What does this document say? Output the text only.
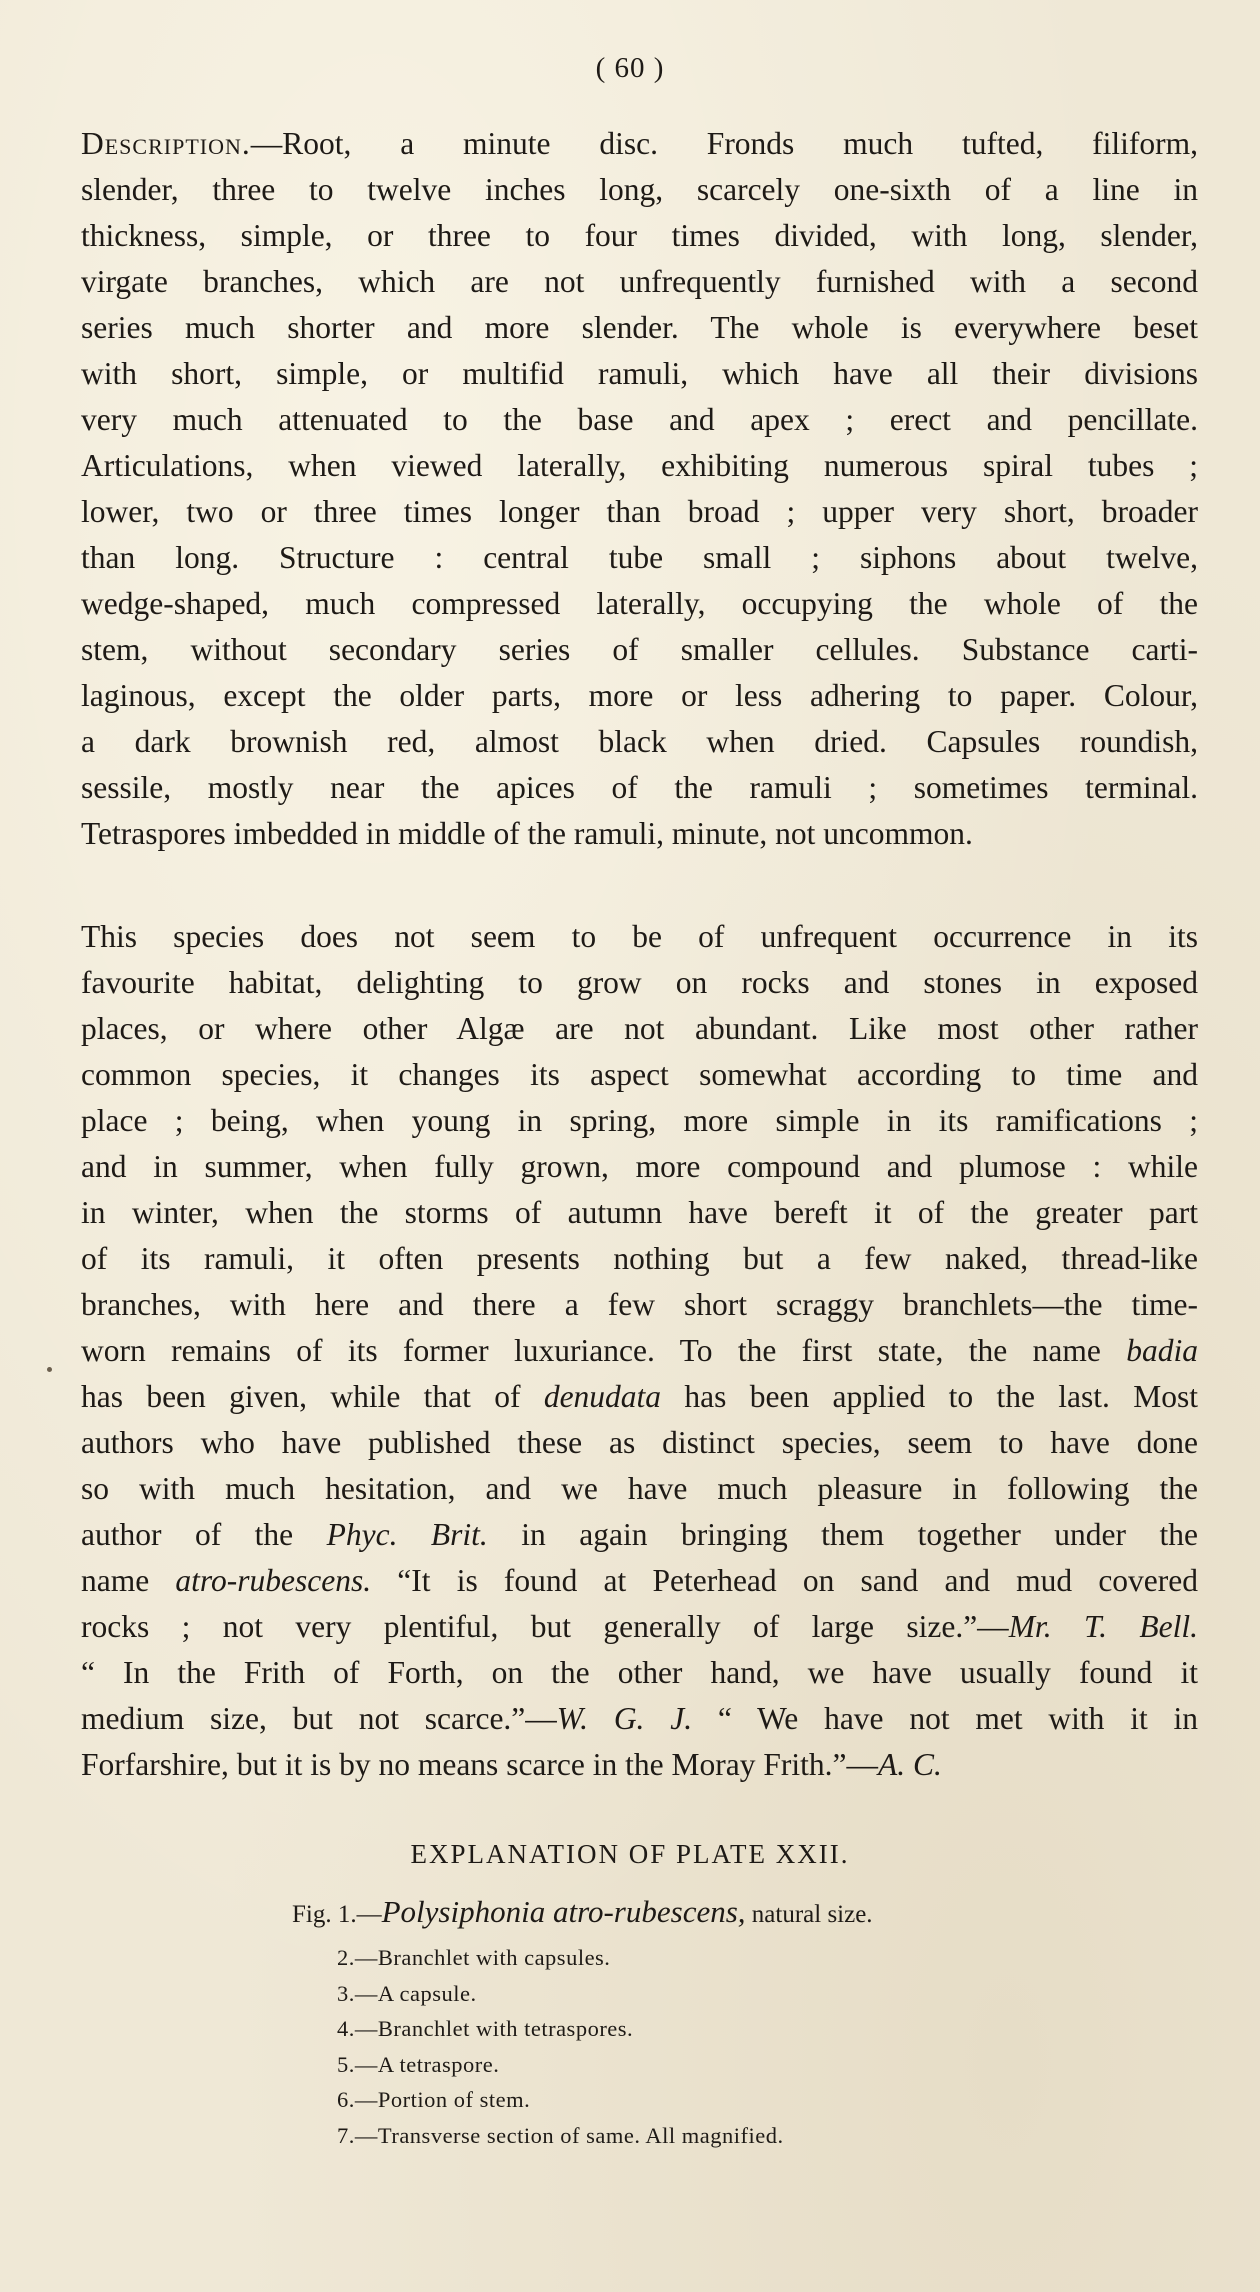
( 60 )
Description.—Root, a minute disc. Fronds much tufted, filiform,
slender, three to twelve inches long, scarcely one-sixth of a line in
thickness, simple, or three to four times divided, with long, slender,
virgate branches, which are not unfrequently furnished with a second
series much shorter and more slender. The whole is everywhere beset
with short, simple, or multifid ramuli, which have all their divisions
very much attenuated to the base and apex ; erect and pencillate.
Articulations, when viewed laterally, exhibiting numerous spiral tubes ;
lower, two or three times longer than broad ; upper very short, broader
than long. Structure : central tube small ; siphons about twelve,
wedge-shaped, much compressed laterally, occupying the whole of the
stem, without secondary series of smaller cellules. Substance carti-
laginous, except the older parts, more or less adhering to paper. Colour,
a dark brownish red, almost black when dried. Capsules roundish,
sessile, mostly near the apices of the ramuli ; sometimes terminal.
Tetraspores imbedded in middle of the ramuli, minute, not uncommon.
This species does not seem to be of unfrequent occurrence in its
favourite habitat, delighting to grow on rocks and stones in exposed
places, or where other Algæ are not abundant. Like most other rather
common species, it changes its aspect somewhat according to time and
place ; being, when young in spring, more simple in its ramifications ;
and in summer, when fully grown, more compound and plumose : while
in winter, when the storms of autumn have bereft it of the greater part
of its ramuli, it often presents nothing but a few naked, thread-like
branches, with here and there a few short scraggy branchlets—the time-
worn remains of its former luxuriance. To the first state, the name badia
has been given, while that of denudata has been applied to the last. Most
authors who have published these as distinct species, seem to have done
so with much hesitation, and we have much pleasure in following the
author of the Phyc. Brit. in again bringing them together under the
name atro-rubescens. “It is found at Peterhead on sand and mud covered
rocks ; not very plentiful, but generally of large size.”—Mr. T. Bell.
“ In the Frith of Forth, on the other hand, we have usually found it
medium size, but not scarce.”—W. G. J. “ We have not met with it in
Forfarshire, but it is by no means scarce in the Moray Frith.”—A. C.
EXPLANATION OF PLATE XXII.
Fig. 1.—Polysiphonia atro-rubescens, natural size.
2.—Branchlet with capsules.
3.—A capsule.
4.—Branchlet with tetraspores.
5.—A tetraspore.
6.—Portion of stem.
7.—Transverse section of same. All magnified.
